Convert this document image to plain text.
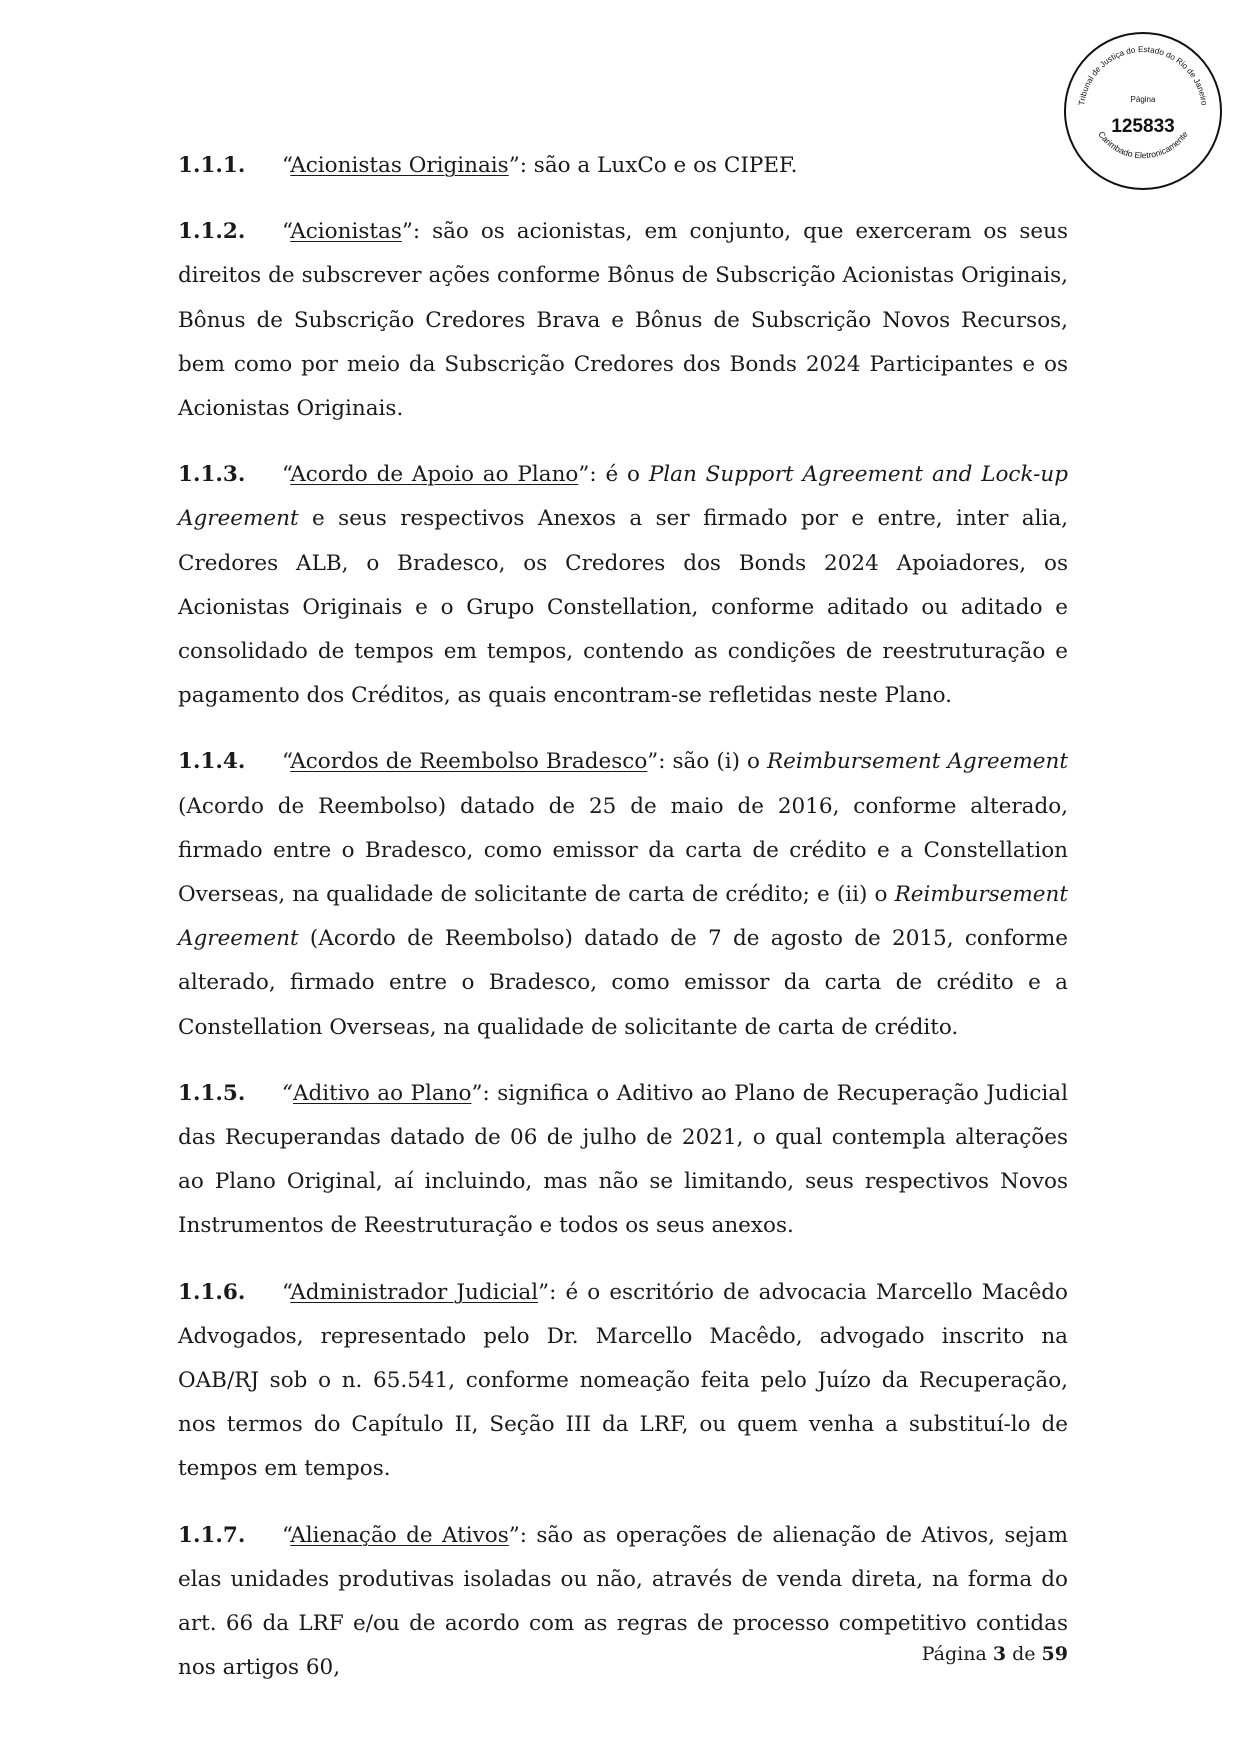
Tribunal de Justiça do Estado do Rio de Janeiro
Carimbado Eletronicamente
Página
125833

1.1.1. “Acionistas Originais”: são a LuxCo e os CIPEF.

1.1.2. “Acionistas”: são os acionistas, em conjunto, que exerceram os seus direitos de subscrever ações conforme Bônus de Subscrição Acionistas Originais, Bônus de Subscrição Credores Brava e Bônus de Subscrição Novos Recursos, bem como por meio da Subscrição Credores dos Bonds 2024 Participantes e os Acionistas Originais.

1.1.3. “Acordo de Apoio ao Plano”: é o Plan Support Agreement and Lock-up Agreement e seus respectivos Anexos a ser firmado por e entre, inter alia, Credores ALB, o Bradesco, os Credores dos Bonds 2024 Apoiadores, os Acionistas Originais e o Grupo Constellation, conforme aditado ou aditado e consolidado de tempos em tempos, contendo as condições de reestruturação e pagamento dos Créditos, as quais encontram-se refletidas neste Plano.

1.1.4. “Acordos de Reembolso Bradesco”: são (i) o Reimbursement Agreement (Acordo de Reembolso) datado de 25 de maio de 2016, conforme alterado, firmado entre o Bradesco, como emissor da carta de crédito e a Constellation Overseas, na qualidade de solicitante de carta de crédito; e (ii) o Reimbursement Agreement (Acordo de Reembolso) datado de 7 de agosto de 2015, conforme alterado, firmado entre o Bradesco, como emissor da carta de crédito e a Constellation Overseas, na qualidade de solicitante de carta de crédito.

1.1.5. “Aditivo ao Plano”: significa o Aditivo ao Plano de Recuperação Judicial das Recuperandas datado de 06 de julho de 2021, o qual contempla alterações ao Plano Original, aí incluindo, mas não se limitando, seus respectivos Novos Instrumentos de Reestruturação e todos os seus anexos.

1.1.6. “Administrador Judicial”: é o escritório de advocacia Marcello Macêdo Advogados, representado pelo Dr. Marcello Macêdo, advogado inscrito na OAB/RJ sob o n. 65.541, conforme nomeação feita pelo Juízo da Recuperação, nos termos do Capítulo II, Seção III da LRF, ou quem venha a substituí-lo de tempos em tempos.

1.1.7. “Alienação de Ativos”: são as operações de alienação de Ativos, sejam elas unidades produtivas isoladas ou não, através de venda direta, na forma do art. 66 da LRF e/ou de acordo com as regras de processo competitivo contidas nos artigos 60,

Página 3 de 59
